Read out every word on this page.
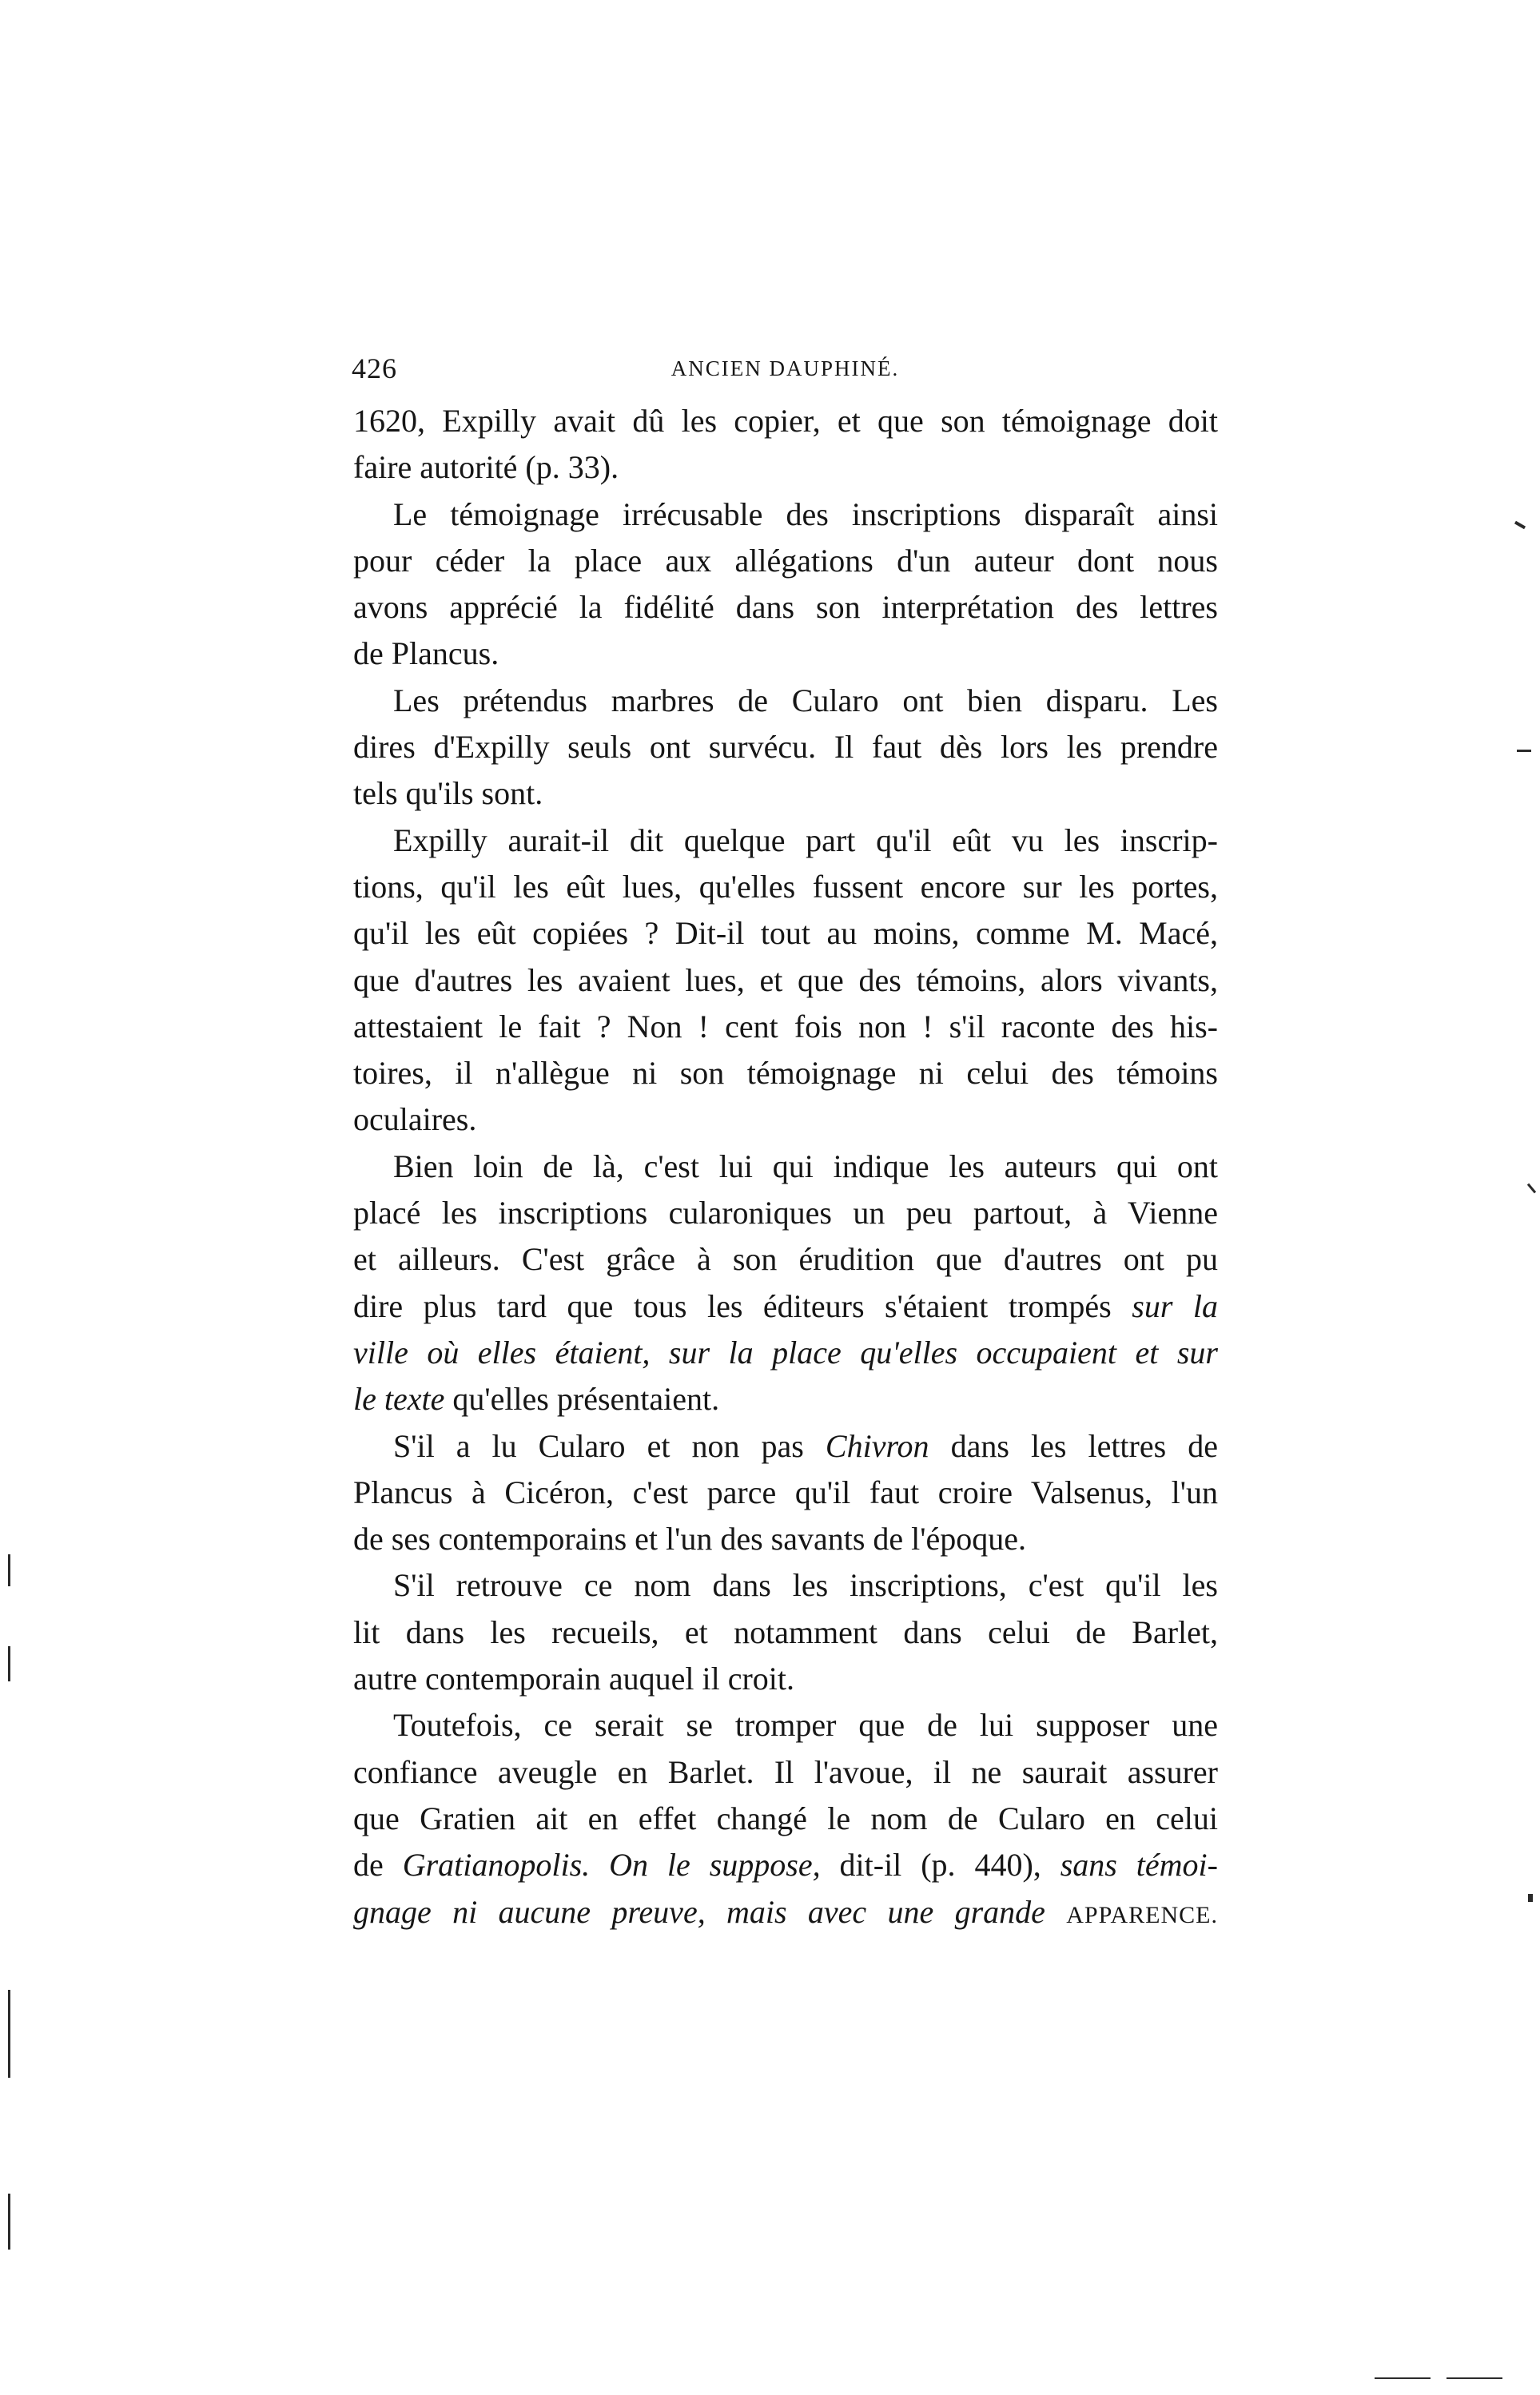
426	ANCIEN DAUPHINÉ.
1620, Expilly avait dû les copier, et que son témoignage doit
faire autorité (p. 33).
Le témoignage irrécusable des inscriptions disparaît ainsi
pour céder la place aux allégations d'un auteur dont nous
avons apprécié la fidélité dans son interprétation des lettres
de Plancus.
Les prétendus marbres de Cularo ont bien disparu. Les
dires d'Expilly seuls ont survécu. Il faut dès lors les prendre
tels qu'ils sont.
Expilly aurait-il dit quelque part qu'il eût vu les inscrip-
tions, qu'il les eût lues, qu'elles fussent encore sur les portes,
qu'il les eût copiées ? Dit-il tout au moins, comme M. Macé,
que d'autres les avaient lues, et que des témoins, alors vivants,
attestaient le fait ? Non ! cent fois non ! s'il raconte des his-
toires, il n'allègue ni son témoignage ni celui des témoins
oculaires.
Bien loin de là, c'est lui qui indique les auteurs qui ont
placé les inscriptions cularoniques un peu partout, à Vienne
et ailleurs. C'est grâce à son érudition que d'autres ont pu
dire plus tard que tous les éditeurs s'étaient trompés sur la
ville où elles étaient, sur la place qu'elles occupaient et sur
le texte qu'elles présentaient.
S'il a lu Cularo et non pas Chivron dans les lettres de
Plancus à Cicéron, c'est parce qu'il faut croire Valsenus, l'un
de ses contemporains et l'un des savants de l'époque.
S'il retrouve ce nom dans les inscriptions, c'est qu'il les
lit dans les recueils, et notamment dans celui de Barlet,
autre contemporain auquel il croit.
Toutefois, ce serait se tromper que de lui supposer une
confiance aveugle en Barlet. Il l'avoue, il ne saurait assurer
que Gratien ait en effet changé le nom de Cularo en celui
de Gratianopolis. On le suppose, dit-il (p. 440), sans témoi-
gnage ni aucune preuve, mais avec une grande APPARENCE.
